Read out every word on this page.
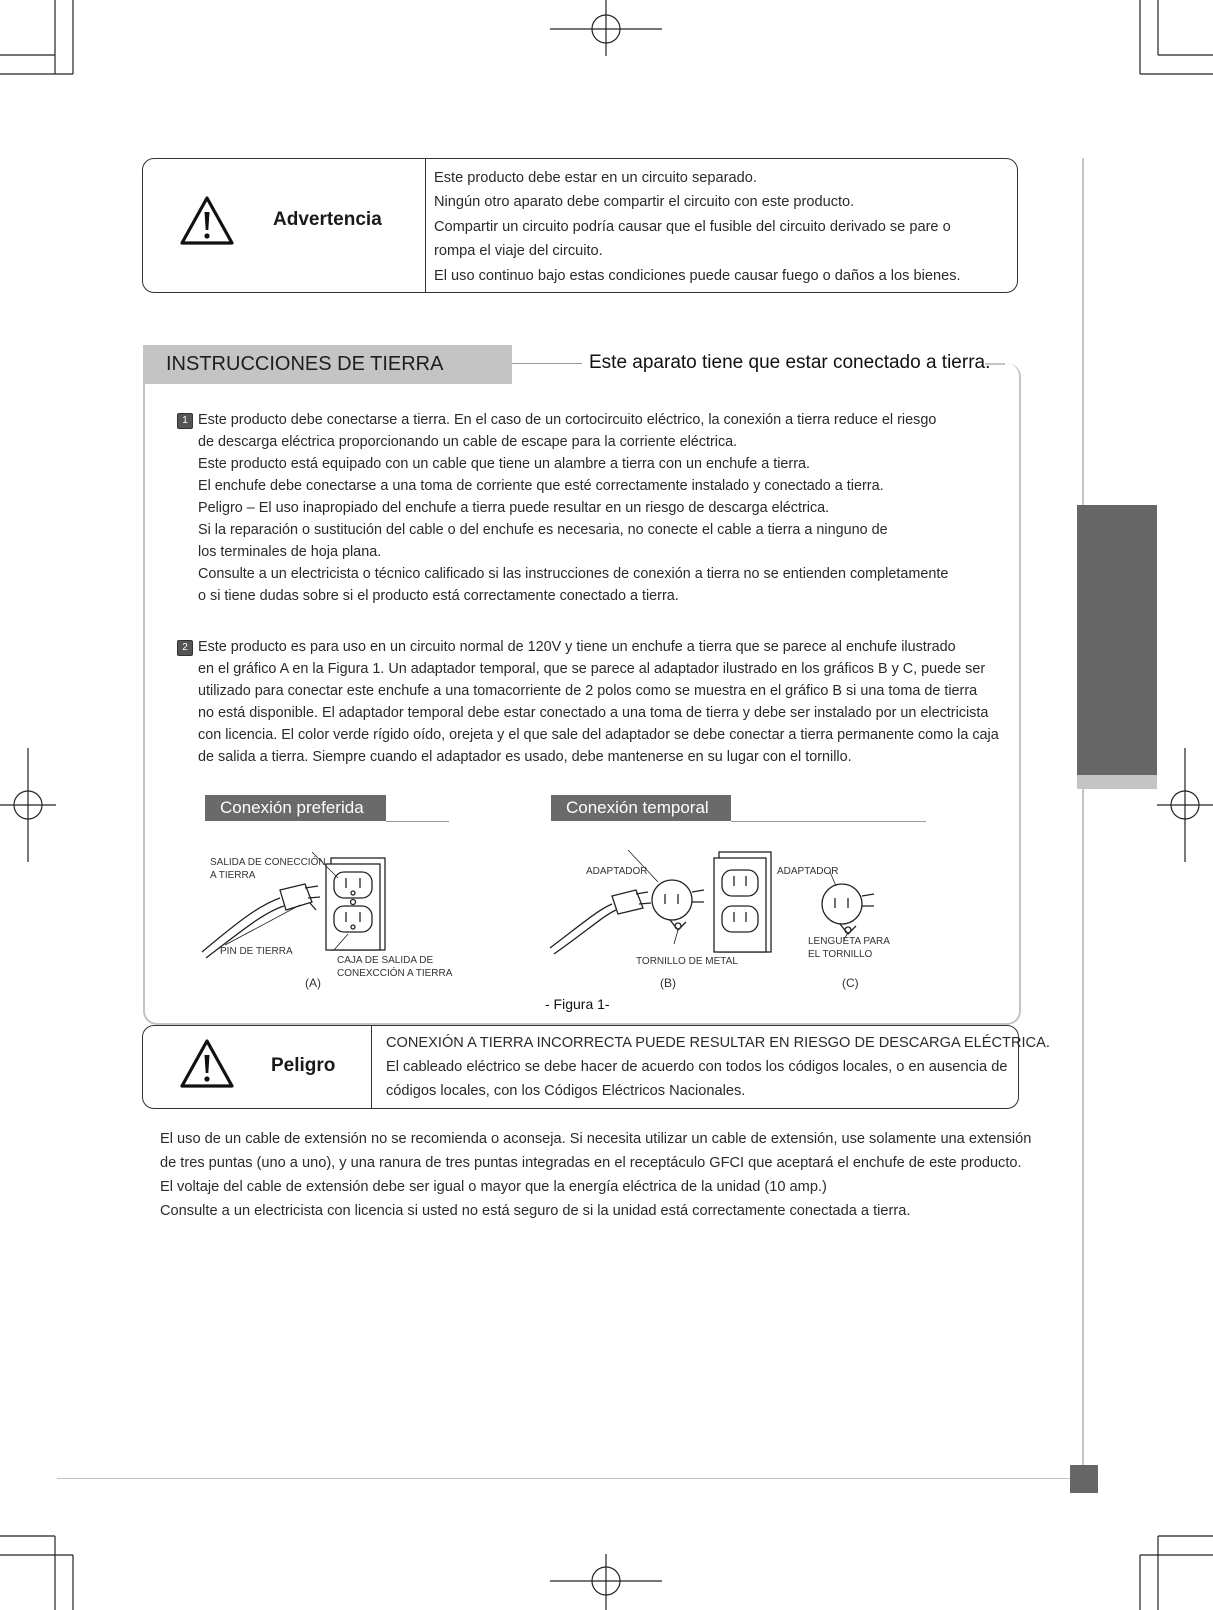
Advertencia
Este producto debe estar en un circuito separado.
Ningún otro aparato debe compartir el circuito con este producto.
Compartir un circuito podría causar que el fusible del circuito derivado se pare o
rompa el viaje del circuito.
El uso continuo bajo estas condiciones puede causar fuego o daños a los bienes.
INSTRUCCIONES DE TIERRA	Este aparato tiene que estar conectado a tierra.
1 Este producto debe conectarse a tierra. En el caso de un cortocircuito eléctrico, la conexión a tierra reduce el riesgo

de descarga eléctrica proporcionando un cable de escape para la corriente eléctrica.

Este producto está equipado con un cable que tiene un alambre a tierra con un enchufe a tierra.

El enchufe debe conectarse a una toma de corriente que esté correctamente instalado y conectado a tierra.

Peligro – El uso inapropiado del enchufe a tierra puede resultar en un riesgo de descarga eléctrica.

Si la reparación o sustitución del cable o del enchufe es necesaria, no conecte el cable a tierra a ninguno de

los terminales de hoja plana.

Consulte a un electricista o técnico calificado si las instrucciones de conexión a tierra no se entienden completamente

o si tiene dudas sobre si el producto está correctamente conectado a tierra.

2 Este producto es para uso en un circuito normal de 120V y tiene un enchufe a tierra que se parece al enchufe ilustrado

en el gráfico A en la Figura 1. Un adaptador temporal, que se parece al adaptador ilustrado en los gráficos B y C, puede ser

utilizado para conectar este enchufe a una tomacorriente de 2 polos como se muestra en el gráfico B si una toma de tierra

no está disponible. El adaptador temporal debe estar conectado a una toma de tierra y debe ser instalado por un electricista

con licencia. El color verde rígido oído, orejeta y el que sale del adaptador se debe conectar a tierra permanente como la caja

de salida a tierra. Siempre cuando el adaptador es usado, debe mantenerse en su lugar con el tornillo.

Conexión preferida	Conexión temporal
SALIDA DE CONECCIÓN
A TIERRA
PIN DE TIERRA
CAJA DE SALIDA DE
CONEXCCIÓN A TIERRA
(A)
ADAPTADOR
TORNILLO DE METAL
(B)
ADAPTADOR
LENGUETA PARA
EL TORNILLO
(C)
- Figura 1-
Peligro
CONEXIÓN A TIERRA INCORRECTA PUEDE RESULTAR EN RIESGO DE DESCARGA ELÉCTRICA.
El cableado eléctrico se debe hacer de acuerdo con todos los códigos locales, o en ausencia de
códigos locales, con los Códigos Eléctricos Nacionales.

El uso de un cable de extensión no se recomienda o aconseja. Si necesita utilizar un cable de extensión, use solamente una extensión

de tres puntas (uno a uno), y una ranura de tres puntas integradas en el receptáculo GFCI que aceptará el enchufe de este producto.

El voltaje del cable de extensión debe ser igual o mayor que la energía eléctrica de la unidad (10 amp.)

Consulte a un electricista con licencia si usted no está seguro de si la unidad está correctamente conectada a tierra.
